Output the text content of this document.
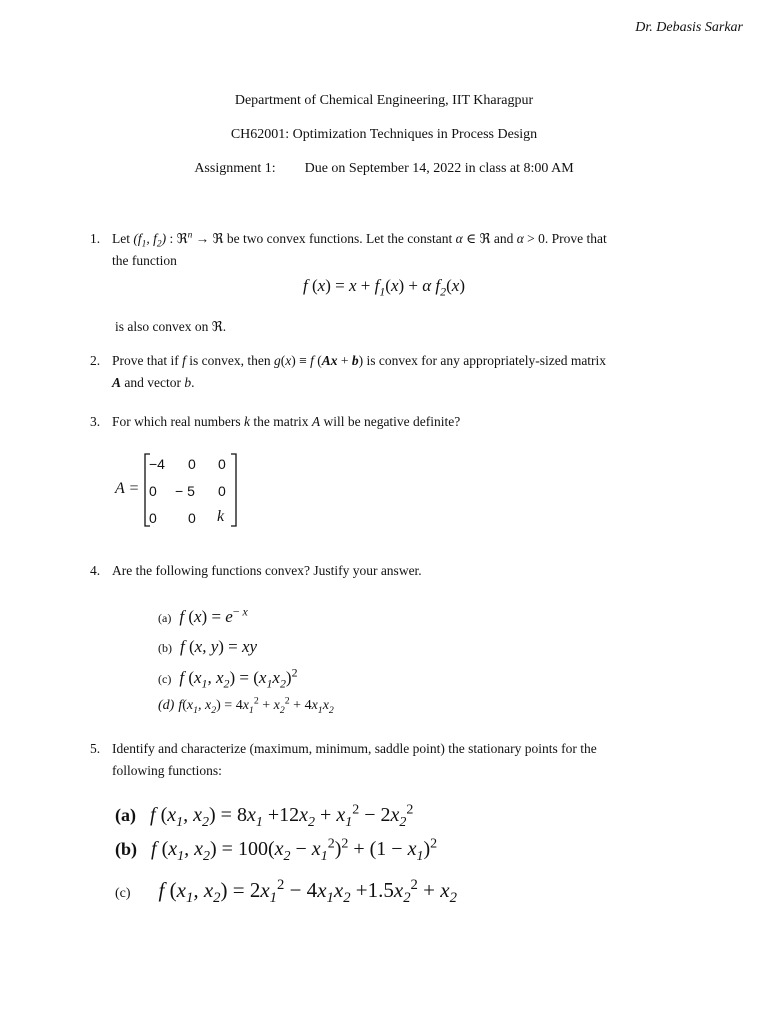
Dr. Debasis Sarkar
Department of Chemical Engineering, IIT Kharagpur
CH62001: Optimization Techniques in Process Design
Assignment 1: Due on September 14, 2022 in class at 8:00 AM
1. Let ($f_1$, $f_2$) : ℜ$^n$ → ℜ be two convex functions. Let the constant α ∈ ℜ and α > 0. Prove that
the function
f $(x) = x + f_1(x) + \alpha$ $f_2(x)$
is also convex on ℜ.
2. Prove that if f is convex, then g(x) ≡ f (Ax + b) is convex for any appropriately-sized matrix
A and vector b.
3. For which real numbers k the matrix A will be negative definite?
A =
−4 0 0
0 − 5 0
0 0 k
4. Are the following functions convex? Justify your answer.
(a) f $(x) = e^{- x}$
(b) f (x, y) = xy
(c) f ($x_1$, $x_2) = (x_1x_2)^2$
(d) $f(x_1$, $x_2) = 4x_1^2 + x_2^2 + 4x_1x_2$
5. Identify and characterize (maximum, minimum, saddle point) the stationary points for the
following functions:
(a) f ($x_1$, $x_2) = 8x_1 +12x_2 + x_1^2 - 2x_2^2$
(b) f ($x_1$, $x_2) = 100(x_2 - x_1^2)^2 + (1 - x_1)^2$
(c) f ($x_1$, $x_2) = 2x_1^2 - 4x_1x_2 +1.5x_2^2 + x_2$
